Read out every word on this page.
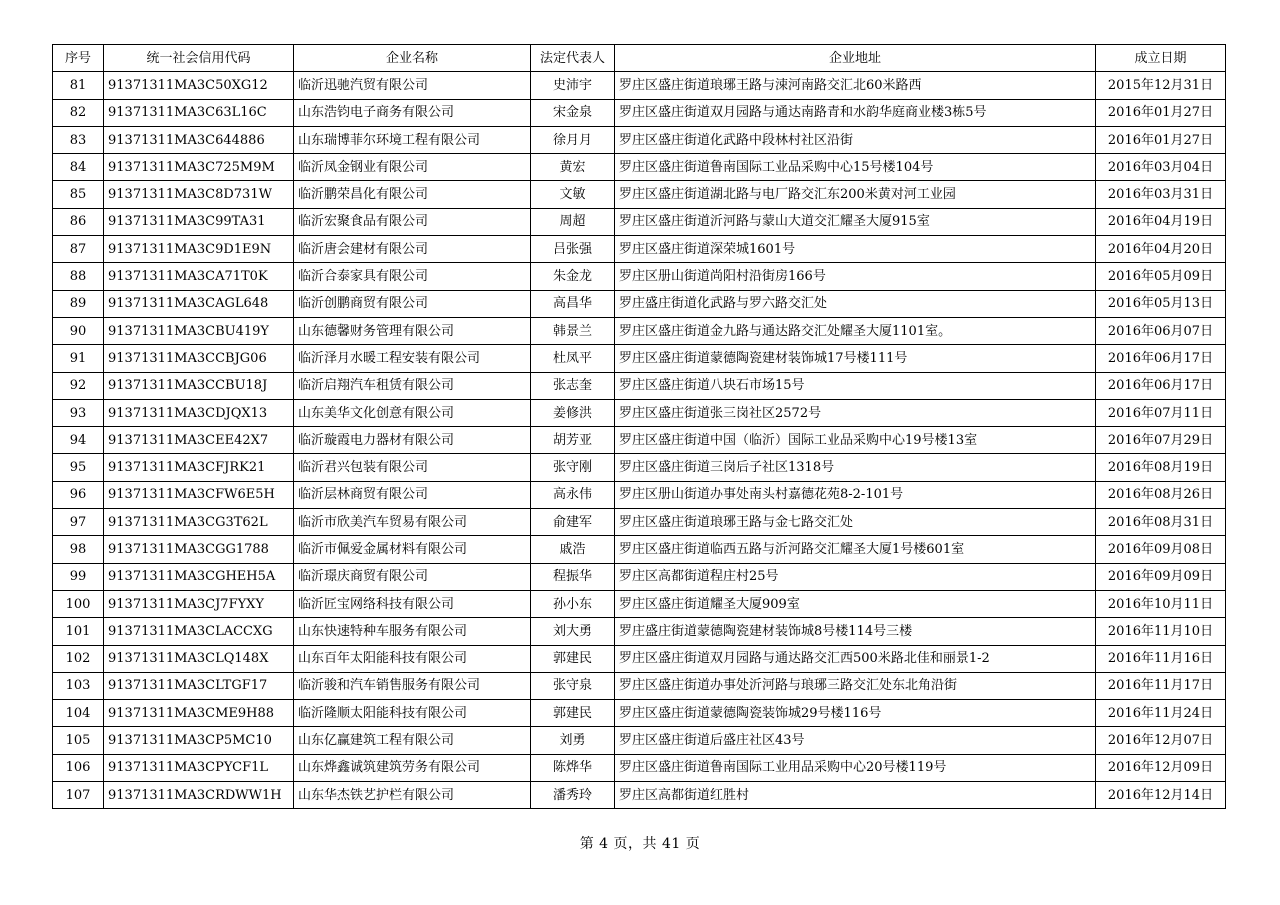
序号	统一社会信用代码	企业名称	法定代表人	企业地址	成立日期
81	91371311MA3C50XG12	临沂迅驰汽贸有限公司	史沛宇	罗庄区盛庄街道琅琊王路与涑河南路交汇北60米路西	2015年12月31日
82	91371311MA3C63L16C	山东浩钧电子商务有限公司	宋金泉	罗庄区盛庄街道双月园路与通达南路青和水韵华庭商业楼3栋5号	2016年01月27日
83	91371311MA3C644886	山东瑞博菲尔环境工程有限公司	徐月月	罗庄区盛庄街道化武路中段林村社区沿街	2016年01月27日
84	91371311MA3C725M9M	临沂凤金钢业有限公司	黄宏	罗庄区盛庄街道鲁南国际工业品采购中心15号楼104号	2016年03月04日
85	91371311MA3C8D731W	临沂鹏荣昌化有限公司	文敏	罗庄区盛庄街道湖北路与电厂路交汇东200米黄对河工业园	2016年03月31日
86	91371311MA3C99TA31	临沂宏聚食品有限公司	周超	罗庄区盛庄街道沂河路与蒙山大道交汇耀圣大厦915室	2016年04月19日
87	91371311MA3C9D1E9N	临沂唐会建材有限公司	吕张强	罗庄区盛庄街道深荣城1601号	2016年04月20日
88	91371311MA3CA71T0K	临沂合泰家具有限公司	朱金龙	罗庄区册山街道尚阳村沿街房166号	2016年05月09日
89	91371311MA3CAGL648	临沂创鹏商贸有限公司	高昌华	罗庄盛庄街道化武路与罗六路交汇处	2016年05月13日
90	91371311MA3CBU419Y	山东德馨财务管理有限公司	韩景兰	罗庄区盛庄街道金九路与通达路交汇处耀圣大厦1101室。	2016年06月07日
91	91371311MA3CCBJG06	临沂泽月水暖工程安装有限公司	杜凤平	罗庄区盛庄街道蒙德陶瓷建材装饰城17号楼111号	2016年06月17日
92	91371311MA3CCBU18J	临沂启翔汽车租赁有限公司	张志奎	罗庄区盛庄街道八块石市场15号	2016年06月17日
93	91371311MA3CDJQX13	山东美华文化创意有限公司	姜修洪	罗庄区盛庄街道张三岗社区2572号	2016年07月11日
94	91371311MA3CEE42X7	临沂璇霞电力器材有限公司	胡芳亚	罗庄区盛庄街道中国（临沂）国际工业品采购中心19号楼13室	2016年07月29日
95	91371311MA3CFJRK21	临沂君兴包装有限公司	张守刚	罗庄区盛庄街道三岗后子社区1318号	2016年08月19日
96	91371311MA3CFW6E5H	临沂层林商贸有限公司	高永伟	罗庄区册山街道办事处南头村嘉德花苑8-2-101号	2016年08月26日
97	91371311MA3CG3T62L	临沂市欣美汽车贸易有限公司	俞建军	罗庄区盛庄街道琅琊王路与金七路交汇处	2016年08月31日
98	91371311MA3CGG1788	临沂市佩爱金属材料有限公司	戚浩	罗庄区盛庄街道临西五路与沂河路交汇耀圣大厦1号楼601室	2016年09月08日
99	91371311MA3CGHEH5A	临沂璟庆商贸有限公司	程振华	罗庄区高都街道程庄村25号	2016年09月09日
100	91371311MA3CJ7FYXY	临沂匠宝网络科技有限公司	孙小东	罗庄区盛庄街道耀圣大厦909室	2016年10月11日
101	91371311MA3CLACCXG	山东快速特种车服务有限公司	刘大勇	罗庄盛庄街道蒙德陶瓷建材装饰城8号楼114号三楼	2016年11月10日
102	91371311MA3CLQ148X	山东百年太阳能科技有限公司	郭建民	罗庄区盛庄街道双月园路与通达路交汇西500米路北佳和丽景1-2	2016年11月16日
103	91371311MA3CLTGF17	临沂骏和汽车销售服务有限公司	张守泉	罗庄区盛庄街道办事处沂河路与琅琊三路交汇处东北角沿街	2016年11月17日
104	91371311MA3CME9H88	临沂隆顺太阳能科技有限公司	郭建民	罗庄区盛庄街道蒙德陶瓷装饰城29号楼116号	2016年11月24日
105	91371311MA3CP5MC10	山东亿赢建筑工程有限公司	刘勇	罗庄区盛庄街道后盛庄社区43号	2016年12月07日
106	91371311MA3CPYCF1L	山东烨鑫诚筑建筑劳务有限公司	陈烨华	罗庄区盛庄街道鲁南国际工业用品采购中心20号楼119号	2016年12月09日
107	91371311MA3CRDWW1H	山东华杰铁艺护栏有限公司	潘秀玲	罗庄区高都街道红胜村	2016年12月14日
第 4 页，共 41 页
